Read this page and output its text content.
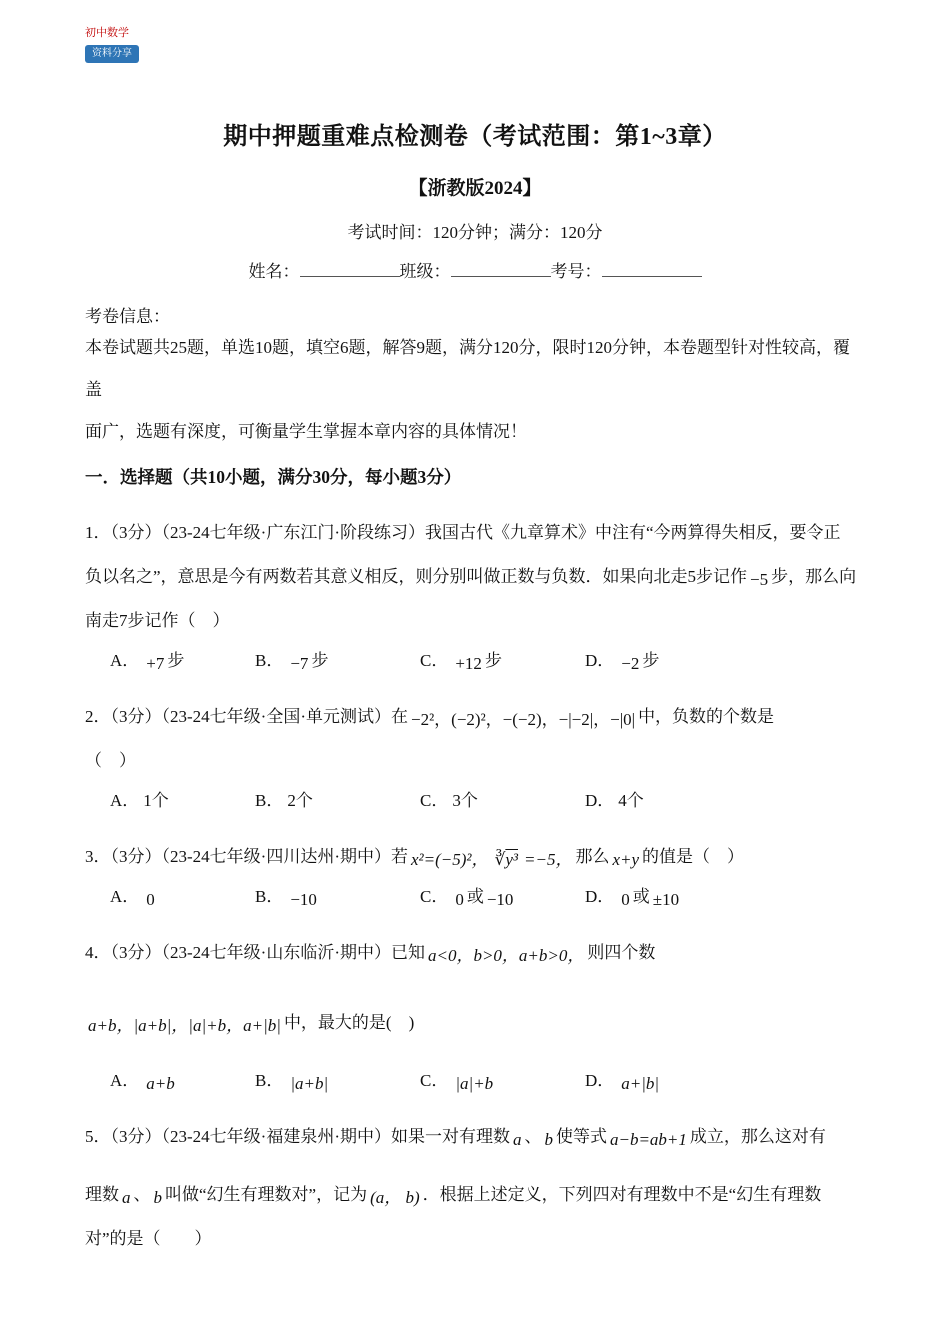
初中数学
资料分享
期中押题重难点检测卷（考试范围：第1~3章）
【浙教版2024】
考试时间：120分钟；满分：120分
姓名：	班级：	考号：
考卷信息：
本卷试题共25题，单选10题，填空6题，解答9题，满分120分，限时120分钟，本卷题型针对性较高，覆盖
面广，选题有深度，可衡量学生掌握本章内容的具体情况！
一．选择题（共10小题，满分30分，每小题3分）
1．（3分）（23-24七年级·广东江门·阶段练习）我国古代《九章算术》中注有“今两算得失相反，要令正
负以名之”，意思是今有两数若其意义相反，则分别叫做正数与负数．如果向北走5步记作 −5 步，那么向
南走7步记作（　）
A． +7 步	B． −7 步	C． +12 步	D． −2 步
2．（3分）（23-24七年级·全国·单元测试）在 −2²，(−2)²，−(−2)，−|−2|，−|0| 中，负数的个数是
（　）
A． 1个	B． 2个	C． 3个	D． 4个
3．（3分）（23-24七年级·四川达州·期中）若 x²=(−5)²， ∛y³ =−5， 那么 x+y 的值是（　）
A． 0	B． −10	C． 0 或 −10	D． 0 或 ±10
4．（3分）（23-24七年级·山东临沂·期中）已知 a<0，b>0，a+b>0， 则四个数
a+b，|a+b|，|a|+b，a+|b| 中，最大的是(　)
A． a+b	B． |a+b|	C． |a|+b	D． a+|b|
5．（3分）（23-24七年级·福建泉州·期中）如果一对有理数 a 、 b 使等式 a−b=ab+1 成立，那么这对有
理数 a 、 b 叫做“幻生有理数对”，记为 (a， b) ．根据上述定义，下列四对有理数中不是“幻生有理数
对”的是（　　）
